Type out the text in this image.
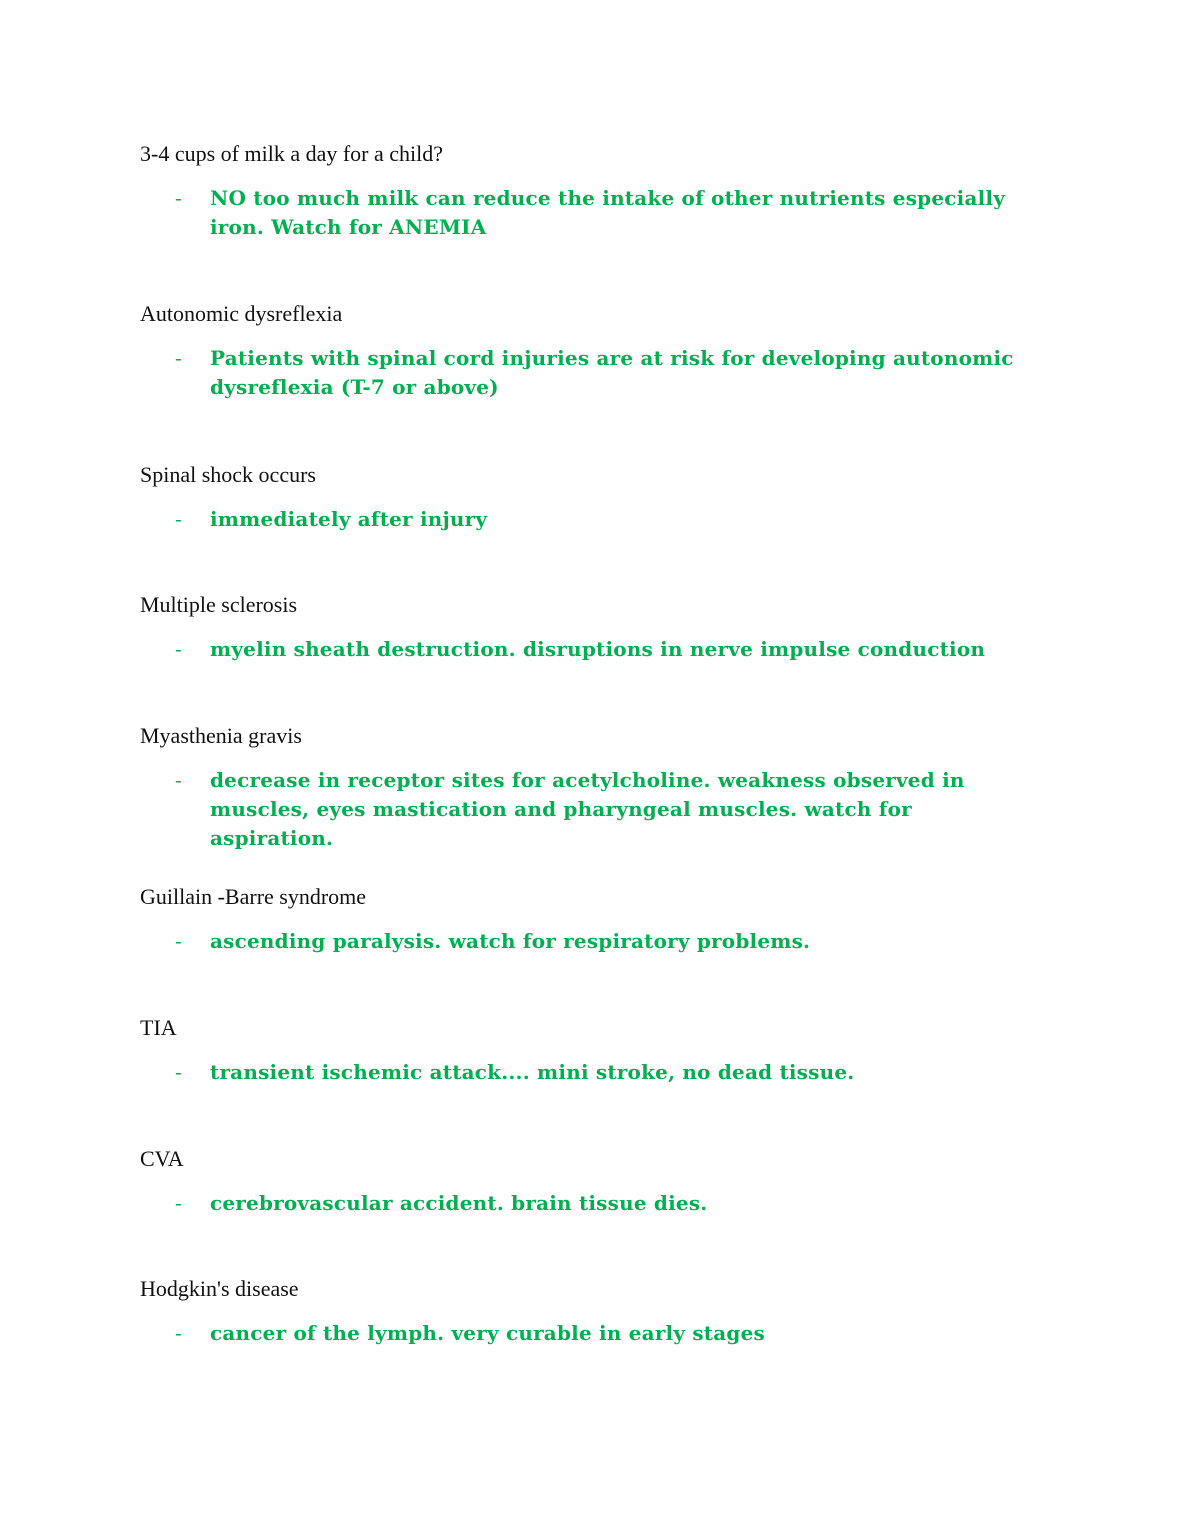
3-4 cups of milk a day for a child?

- NO too much milk can reduce the intake of other nutrients especially iron. Watch for ANEMIA

Autonomic dysreflexia

- Patients with spinal cord injuries are at risk for developing autonomic dysreflexia (T-7 or above)

Spinal shock occurs

- immediately after injury

Multiple sclerosis

- myelin sheath destruction. disruptions in nerve impulse conduction

Myasthenia gravis

- decrease in receptor sites for acetylcholine. weakness observed in muscles, eyes mastication and pharyngeal muscles. watch for aspiration.

Guillain -Barre syndrome

- ascending paralysis. watch for respiratory problems.

TIA

- transient ischemic attack.... mini stroke, no dead tissue.

CVA

- cerebrovascular accident. brain tissue dies.

Hodgkin's disease

- cancer of the lymph. very curable in early stages
